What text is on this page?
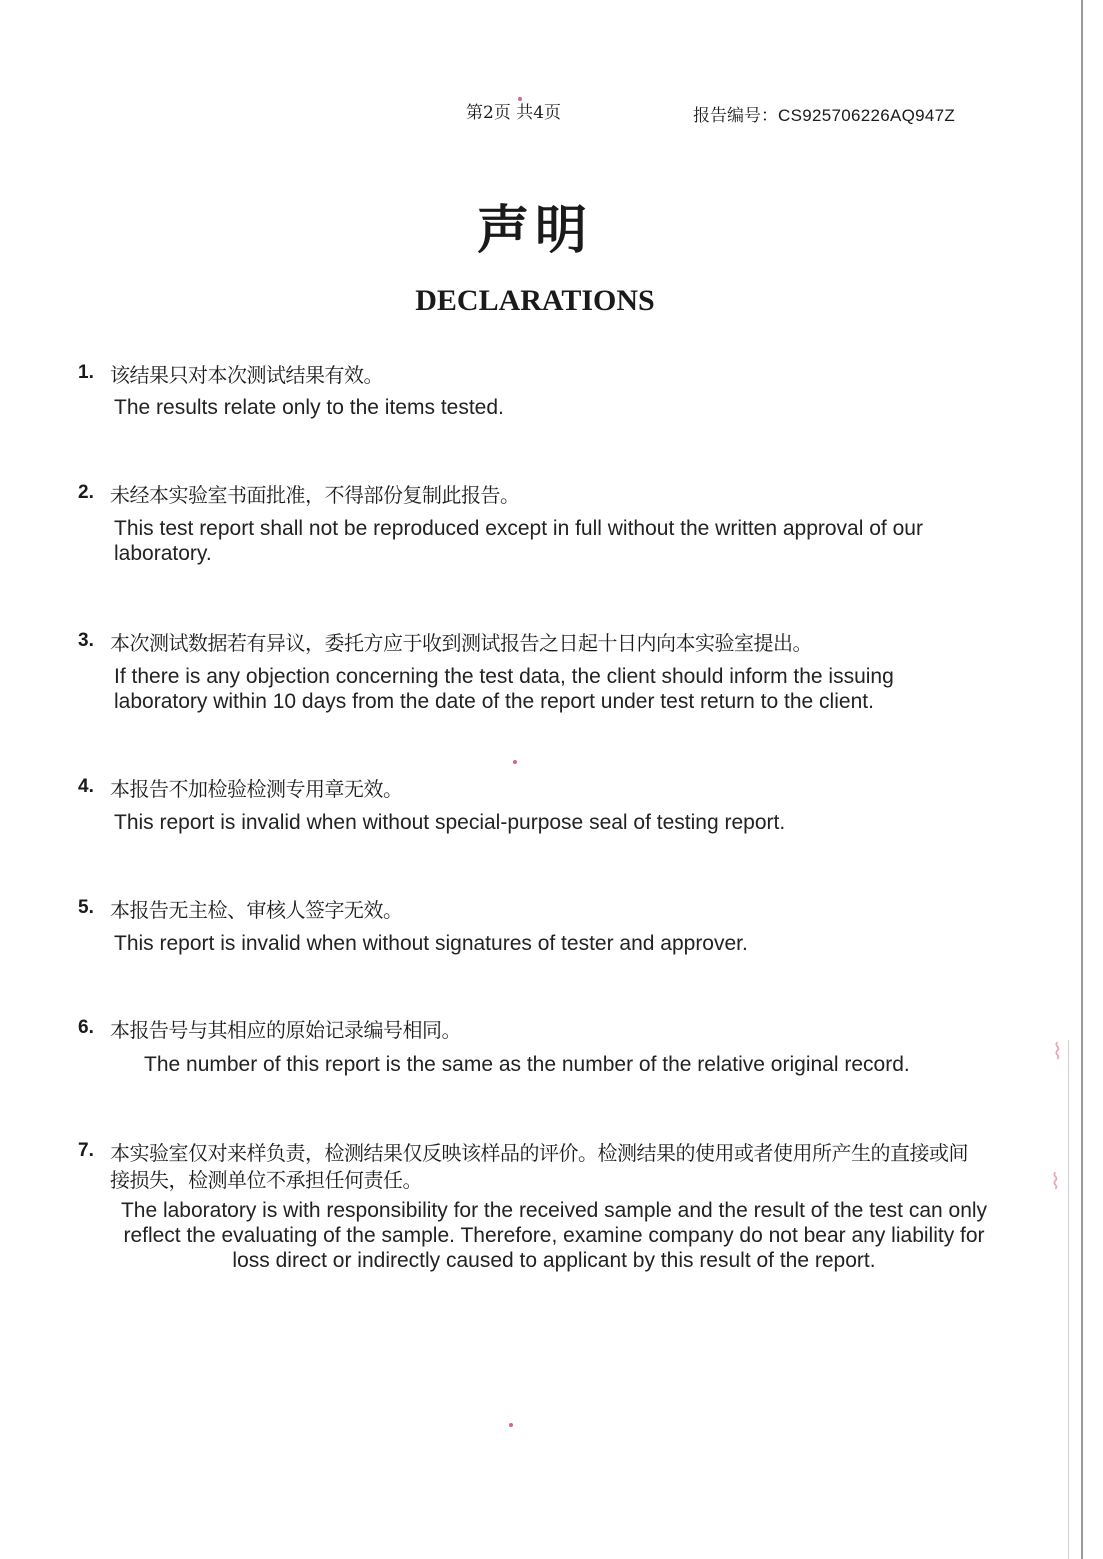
⌇
⌇
第2页 共4页	报告编号：CS925706226AQ947Z
声明
DECLARATIONS
1. 该结果只对本次测试结果有效。
The results relate only to the items tested.
2. 未经本实验室书面批准，不得部份复制此报告。
This test report shall not be reproduced except in full without the written approval of our laboratory.
3. 本次测试数据若有异议，委托方应于收到测试报告之日起十日内向本实验室提出。
If there is any objection concerning the test data, the client should inform the issuing laboratory within 10 days from the date of the report under test return to the client.
4. 本报告不加检验检测专用章无效。
This report is invalid when without special-purpose seal of testing report.
5. 本报告无主检、审核人签字无效。
This report is invalid when without signatures of tester and approver.
6. 本报告号与其相应的原始记录编号相同。
The number of this report is the same as the number of the relative original record.
7. 本实验室仅对来样负责，检测结果仅反映该样品的评价。检测结果的使用或者使用所产生的直接或间接损失，检测单位不承担任何责任。
The laboratory is with responsibility for the received sample and the result of the test can only reflect the evaluating of the sample. Therefore, examine company do not bear any liability for loss direct or indirectly caused to applicant by this result of the report.
